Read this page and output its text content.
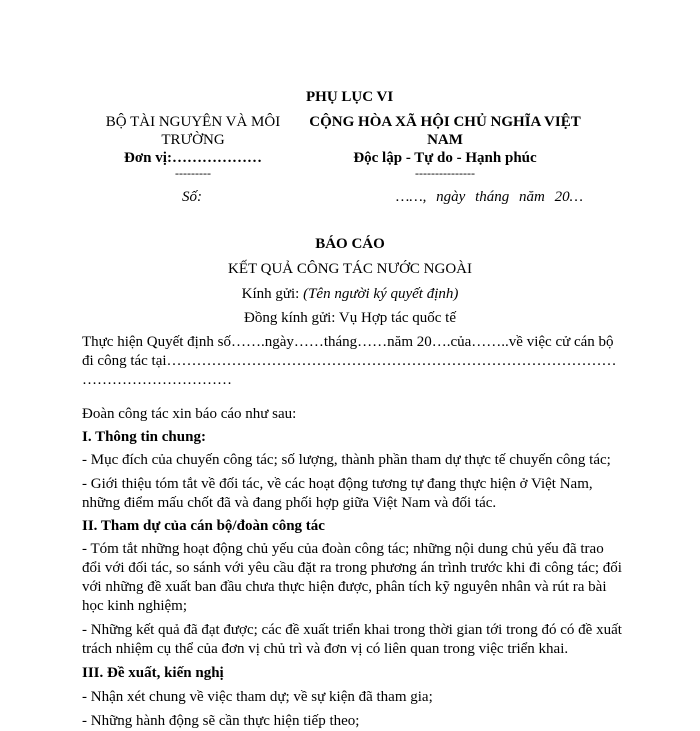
PHỤ LỤC VI
BỘ TÀI NGUYÊN VÀ MÔI
TRƯỜNG
Đơn vị:………………
---------
CỘNG HÒA XÃ HỘI CHỦ NGHĨA VIỆT
NAM
Độc lập - Tự do - Hạnh phúc
---------------
Số:	……, ngày tháng năm 20…
BÁO CÁO
KẾT QUẢ CÔNG TÁC NƯỚC NGOÀI
Kính gửi: (Tên người ký quyết định)
Đồng kính gửi: Vụ Hợp tác quốc tế
Thực hiện Quyết định số…….ngày……tháng……năm 20….của……..về việc cử cán bộ
đi công tác tại………………………………………………………………………………
…………………………
Đoàn công tác xin báo cáo như sau:
I. Thông tin chung:
- Mục đích của chuyến công tác; số lượng, thành phần tham dự thực tế chuyến công tác;
- Giới thiệu tóm tắt về đối tác, về các hoạt động tương tự đang thực hiện ở Việt Nam,
những điểm mấu chốt đã và đang phối hợp giữa Việt Nam và đối tác.
II. Tham dự của cán bộ/đoàn công tác
- Tóm tắt những hoạt động chủ yếu của đoàn công tác; những nội dung chủ yếu đã trao
đổi với đối tác, so sánh với yêu cầu đặt ra trong phương án trình trước khi đi công tác; đối
với những đề xuất ban đầu chưa thực hiện được, phân tích kỹ nguyên nhân và rút ra bài
học kinh nghiệm;
- Những kết quả đã đạt được; các đề xuất triển khai trong thời gian tới trong đó có đề xuất
trách nhiệm cụ thể của đơn vị chủ trì và đơn vị có liên quan trong việc triển khai.
III. Đề xuất, kiến nghị
- Nhận xét chung về việc tham dự; về sự kiện đã tham gia;
- Những hành động sẽ cần thực hiện tiếp theo;
